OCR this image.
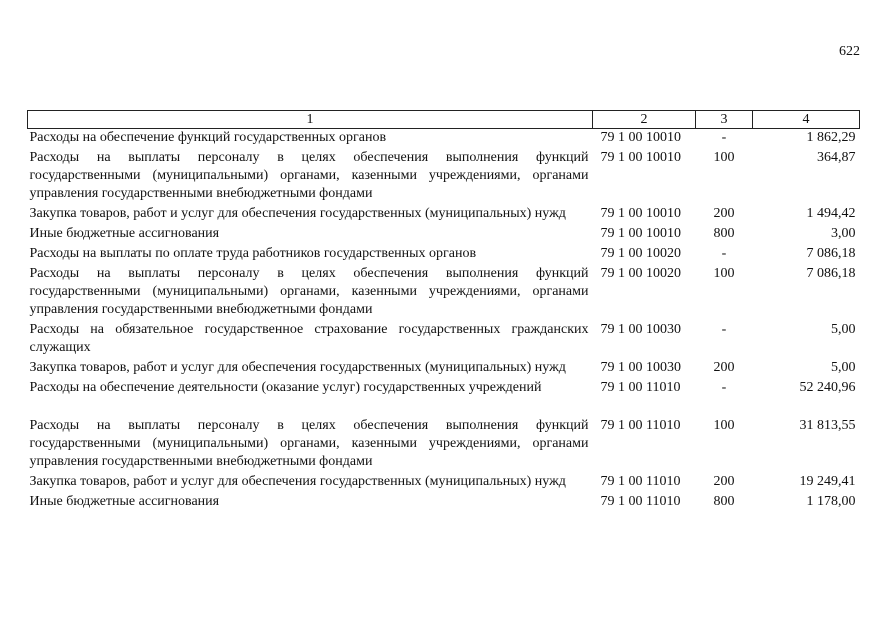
622
1	2	3	4
Расходы на обеспечение функций государственных органов	79 1 00 10010	-	1 862,29
Расходы на выплаты персоналу в целях обеспечения выполнения функций государственными (муниципальными) органами, казенными учреждениями, органами управления государственными внебюджетными фондами	79 1 00 10010	100	364,87
Закупка товаров, работ и услуг для обеспечения государственных (муниципальных) нужд	79 1 00 10010	200	1 494,42
Иные бюджетные ассигнования	79 1 00 10010	800	3,00
Расходы на выплаты по оплате труда работников государственных органов	79 1 00 10020	-	7 086,18
Расходы на выплаты персоналу в целях обеспечения выполнения функций государственными (муниципальными) органами, казенными учреждениями, органами управления государственными внебюджетными фондами	79 1 00 10020	100	7 086,18
Расходы на обязательное государственное страхование государственных гражданских служащих	79 1 00 10030	-	5,00
Закупка товаров, работ и услуг для обеспечения государственных (муниципальных) нужд	79 1 00 10030	200	5,00
Расходы на обеспечение деятельности (оказание услуг) государственных учреждений	79 1 00 11010	-	52 240,96
Расходы на выплаты персоналу в целях обеспечения выполнения функций государственными (муниципальными) органами, казенными учреждениями, органами управления государственными внебюджетными фондами	79 1 00 11010	100	31 813,55
Закупка товаров, работ и услуг для обеспечения государственных (муниципальных) нужд	79 1 00 11010	200	19 249,41
Иные бюджетные ассигнования	79 1 00 11010	800	1 178,00
